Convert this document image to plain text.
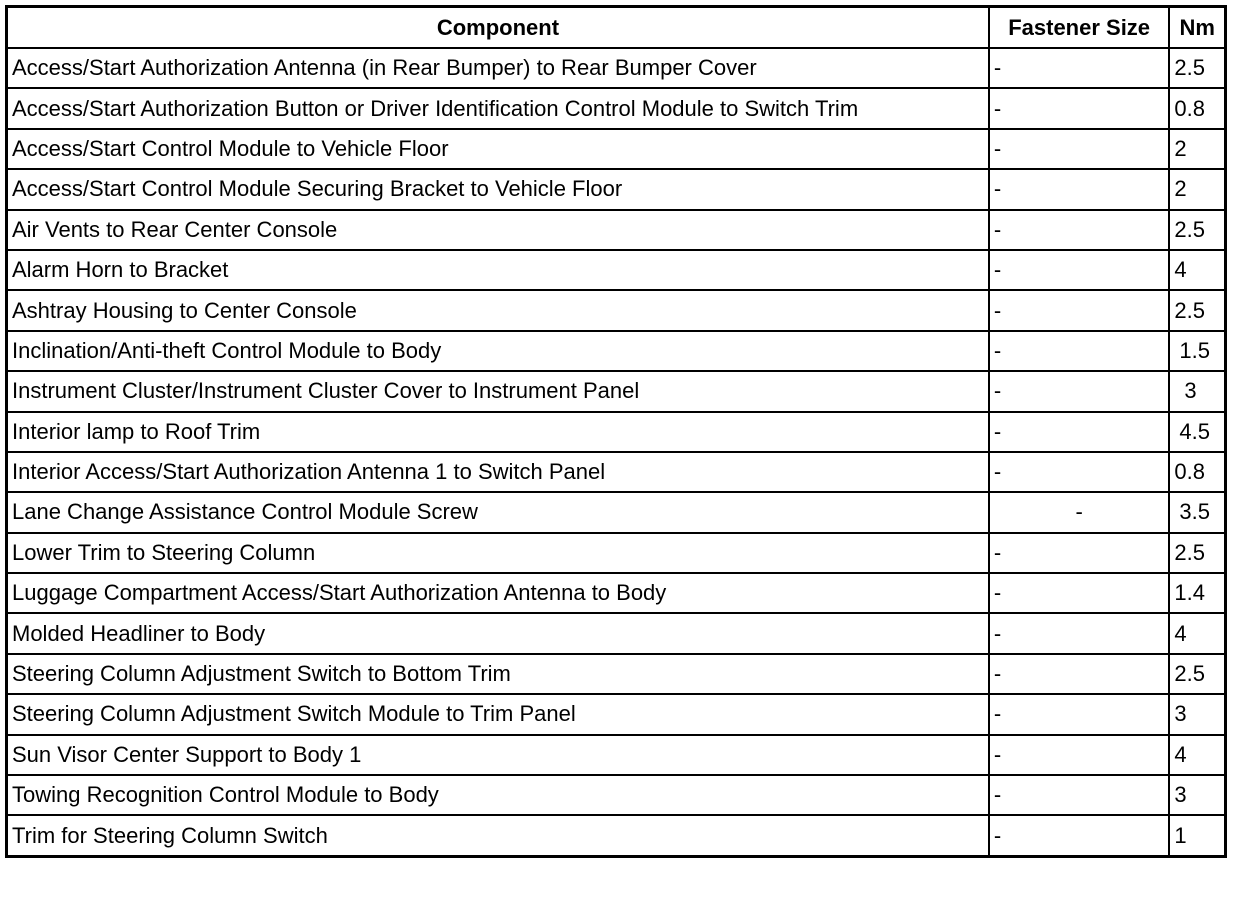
Component	Fastener Size	Nm
Access/Start Authorization Antenna (in Rear Bumper) to Rear Bumper Cover	-	2.5
Access/Start Authorization Button or Driver Identification Control Module to Switch Trim	-	0.8
Access/Start Control Module to Vehicle Floor	-	2
Access/Start Control Module Securing Bracket to Vehicle Floor	-	2
Air Vents to Rear Center Console	-	2.5
Alarm Horn to Bracket	-	4
Ashtray Housing to Center Console	-	2.5
Inclination/Anti-theft Control Module to Body	-	1.5
Instrument Cluster/Instrument Cluster Cover to Instrument Panel	-	3
Interior lamp to Roof Trim	-	4.5
Interior Access/Start Authorization Antenna 1 to Switch Panel	-	0.8
Lane Change Assistance Control Module Screw	-	3.5
Lower Trim to Steering Column	-	2.5
Luggage Compartment Access/Start Authorization Antenna to Body	-	1.4
Molded Headliner to Body	-	4
Steering Column Adjustment Switch to Bottom Trim	-	2.5
Steering Column Adjustment Switch Module to Trim Panel	-	3
Sun Visor Center Support to Body 1	-	4
Towing Recognition Control Module to Body	-	3
Trim for Steering Column Switch	-	1
